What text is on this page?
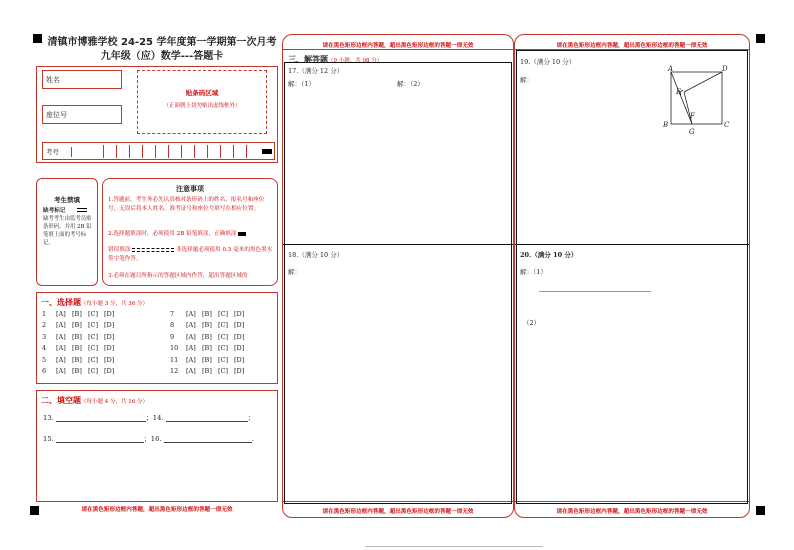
清镇市博雅学校 24-25 学年度第一学期第一次月考
九年级（应）数学---答题卡
姓名
座位号
贴条码区域
（正面朝上切勿贴出虚线框外）
考号
考生禁填
缺考标记
缺考考生由监考员贴条形码，并用 2B 铅笔填上面的考号标记。
注意事项
1.答题前，考生务必先认真核对条形码上的姓名、报名号和座位号，无误后将本人姓名、准考证号和座位号填写在相应位置。
2.选择题填涂时，必须使用 2B 铅笔填涂，正确填涂
错误填涂	非选择题必须使用 0.5 毫米的黑色墨水签字笔作答。
3.必须在题目所指示的答题区域内作答，超出答题区域的
一、选择题（每小题 3 分，共 36 分）
1 [A] [B] [C] [D]
2 [A] [B] [C] [D]
3 [A] [B] [C] [D]
4 [A] [B] [C] [D]
5 [A] [B] [C] [D]
6 [A] [B] [C] [D]
7 [A] [B] [C] [D]
8 [A] [B] [C] [D]
9 [A] [B] [C] [D]
10 [A] [B] [C] [D]
11 [A] [B] [C] [D]
12 [A] [B] [C] [D]
二、填空题（每小题 4 分，共 16 分）
13.	；14.	；
15.	；16.	.
请在黑色矩形边框内答题，超出黑色矩形边框的答题一律无效
请在黑色矩形边框内答题，超出黑色矩形边框的答题一律无效
三、解答题（9 小题，共 98 分）
17.（满分 12 分）
解：（1）	解：（2）
18.（满分 10 分）
解：
请在黑色矩形边框内答题，超出黑色矩形边框的答题一律无效
请在黑色矩形边框内答题，超出黑色矩形边框的答题一律无效
19.（满分 10 分）
解：
A	D
E
B
G
F
C
20.（满分 10 分）
解：（1）
（2）
请在黑色矩形边框内答题，超出黑色矩形边框的答题一律无效
